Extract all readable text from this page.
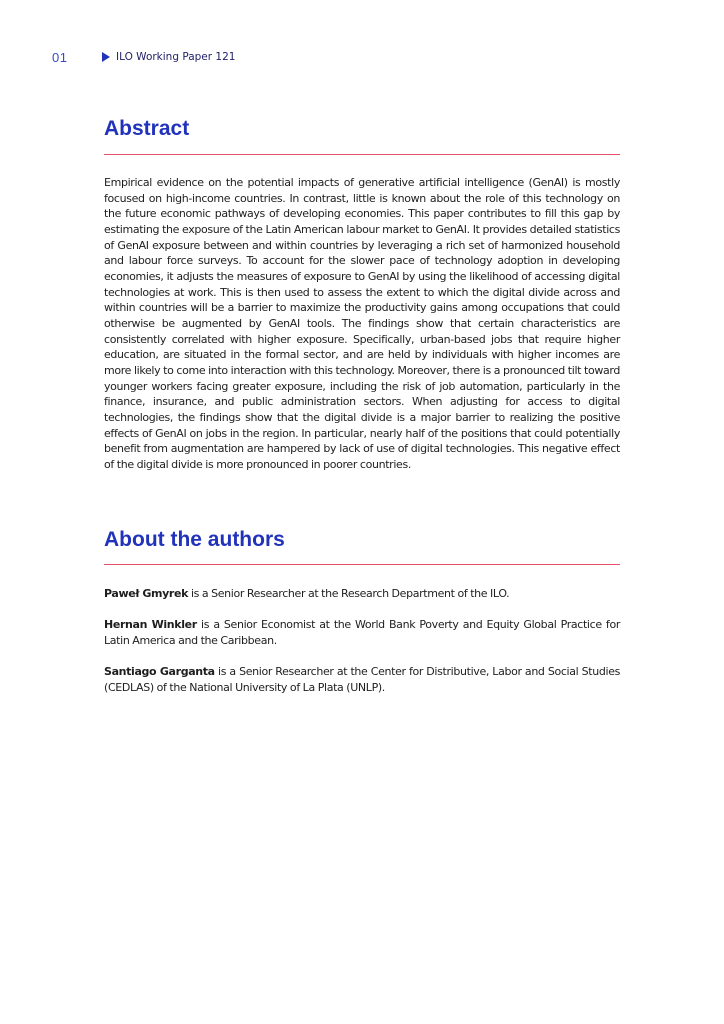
01	ILO Working Paper 121
Abstract

Empirical evidence on the potential impacts of generative artificial intelligence (GenAI) is mostly focused on high-income countries. In contrast, little is known about the role of this technology on the future economic pathways of developing economies. This paper contributes to fill this gap by estimating the exposure of the Latin American labour market to GenAI. It provides detailed statistics of GenAI exposure between and within countries by leveraging a rich set of harmonized household and labour force surveys. To account for the slower pace of technology adoption in developing economies, it adjusts the measures of exposure to GenAI by using the likelihood of accessing digital technologies at work. This is then used to assess the extent to which the digital divide across and within countries will be a barrier to maximize the productivity gains among occupations that could otherwise be augmented by GenAI tools. The findings show that certain characteristics are consistently correlated with higher exposure. Specifically, urban-based jobs that require higher education, are situated in the formal sector, and are held by individuals with higher incomes are more likely to come into interaction with this technology. Moreover, there is a pronounced tilt toward younger workers facing greater exposure, including the risk of job automation, particularly in the finance, insurance, and public administration sectors. When adjusting for access to digital technologies, the findings show that the digital divide is a major barrier to realizing the positive effects of GenAI on jobs in the region. In particular, nearly half of the positions that could potentially benefit from augmentation are hampered by lack of use of digital technologies. This negative effect of the digital divide is more pronounced in poorer countries.

About the authors

Paweł Gmyrek is a Senior Researcher at the Research Department of the ILO.

Hernan Winkler is a Senior Economist at the World Bank Poverty and Equity Global Practice for Latin America and the Caribbean.

Santiago Garganta is a Senior Researcher at the Center for Distributive, Labor and Social Studies (CEDLAS) of the National University of La Plata (UNLP).
